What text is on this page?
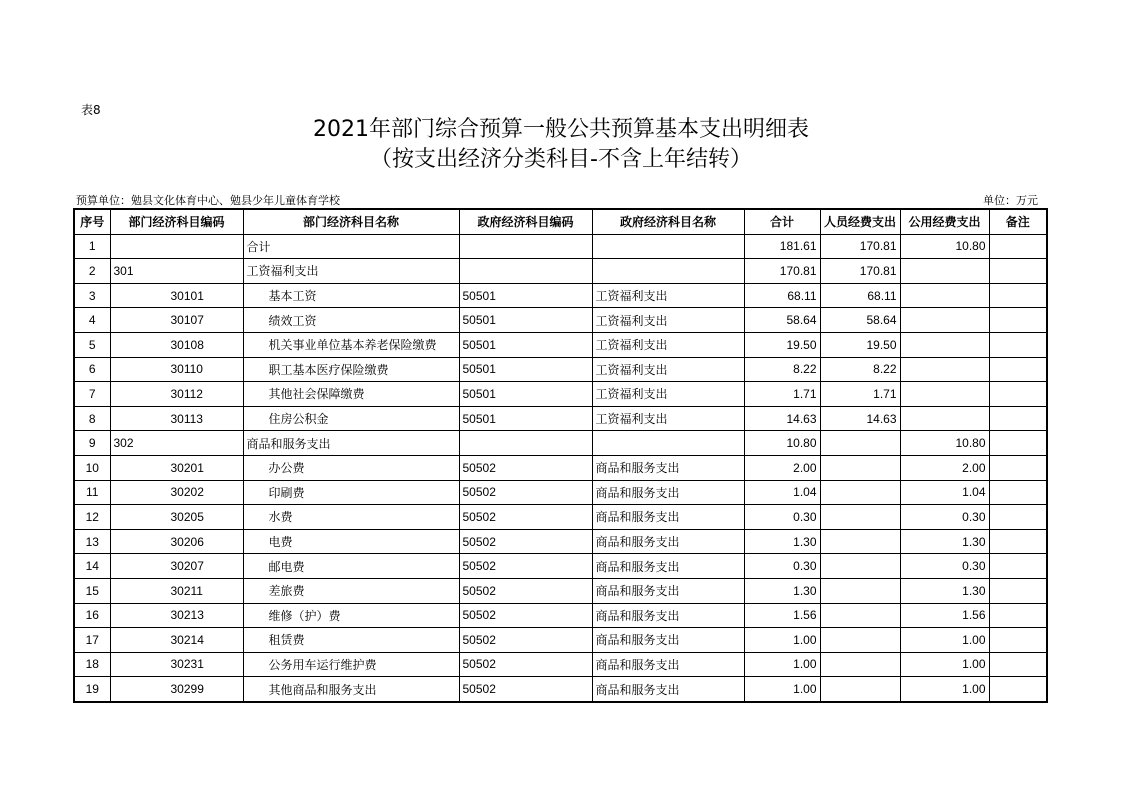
表8
2021年部门综合预算一般公共预算基本支出明细表
（按支出经济分类科目-不含上年结转）
预算单位：勉县文化体育中心、勉县少年儿童体育学校	单位：万元
序号	部门经济科目编码	部门经济科目名称	政府经济科目编码	政府经济科目名称	合计	人员经费支出	公用经费支出	备注
1		合计			181.61	170.81	10.80	
2	301	工资福利支出			170.81	170.81		
3	30101	基本工资	50501	工资福利支出	68.11	68.11		
4	30107	绩效工资	50501	工资福利支出	58.64	58.64		
5	30108	机关事业单位基本养老保险缴费	50501	工资福利支出	19.50	19.50		
6	30110	职工基本医疗保险缴费	50501	工资福利支出	8.22	8.22		
7	30112	其他社会保障缴费	50501	工资福利支出	1.71	1.71		
8	30113	住房公积金	50501	工资福利支出	14.63	14.63		
9	302	商品和服务支出			10.80		10.80	
10	30201	办公费	50502	商品和服务支出	2.00		2.00	
11	30202	印刷费	50502	商品和服务支出	1.04		1.04	
12	30205	水费	50502	商品和服务支出	0.30		0.30	
13	30206	电费	50502	商品和服务支出	1.30		1.30	
14	30207	邮电费	50502	商品和服务支出	0.30		0.30	
15	30211	差旅费	50502	商品和服务支出	1.30		1.30	
16	30213	维修（护）费	50502	商品和服务支出	1.56		1.56	
17	30214	租赁费	50502	商品和服务支出	1.00		1.00	
18	30231	公务用车运行维护费	50502	商品和服务支出	1.00		1.00	
19	30299	其他商品和服务支出	50502	商品和服务支出	1.00		1.00	
